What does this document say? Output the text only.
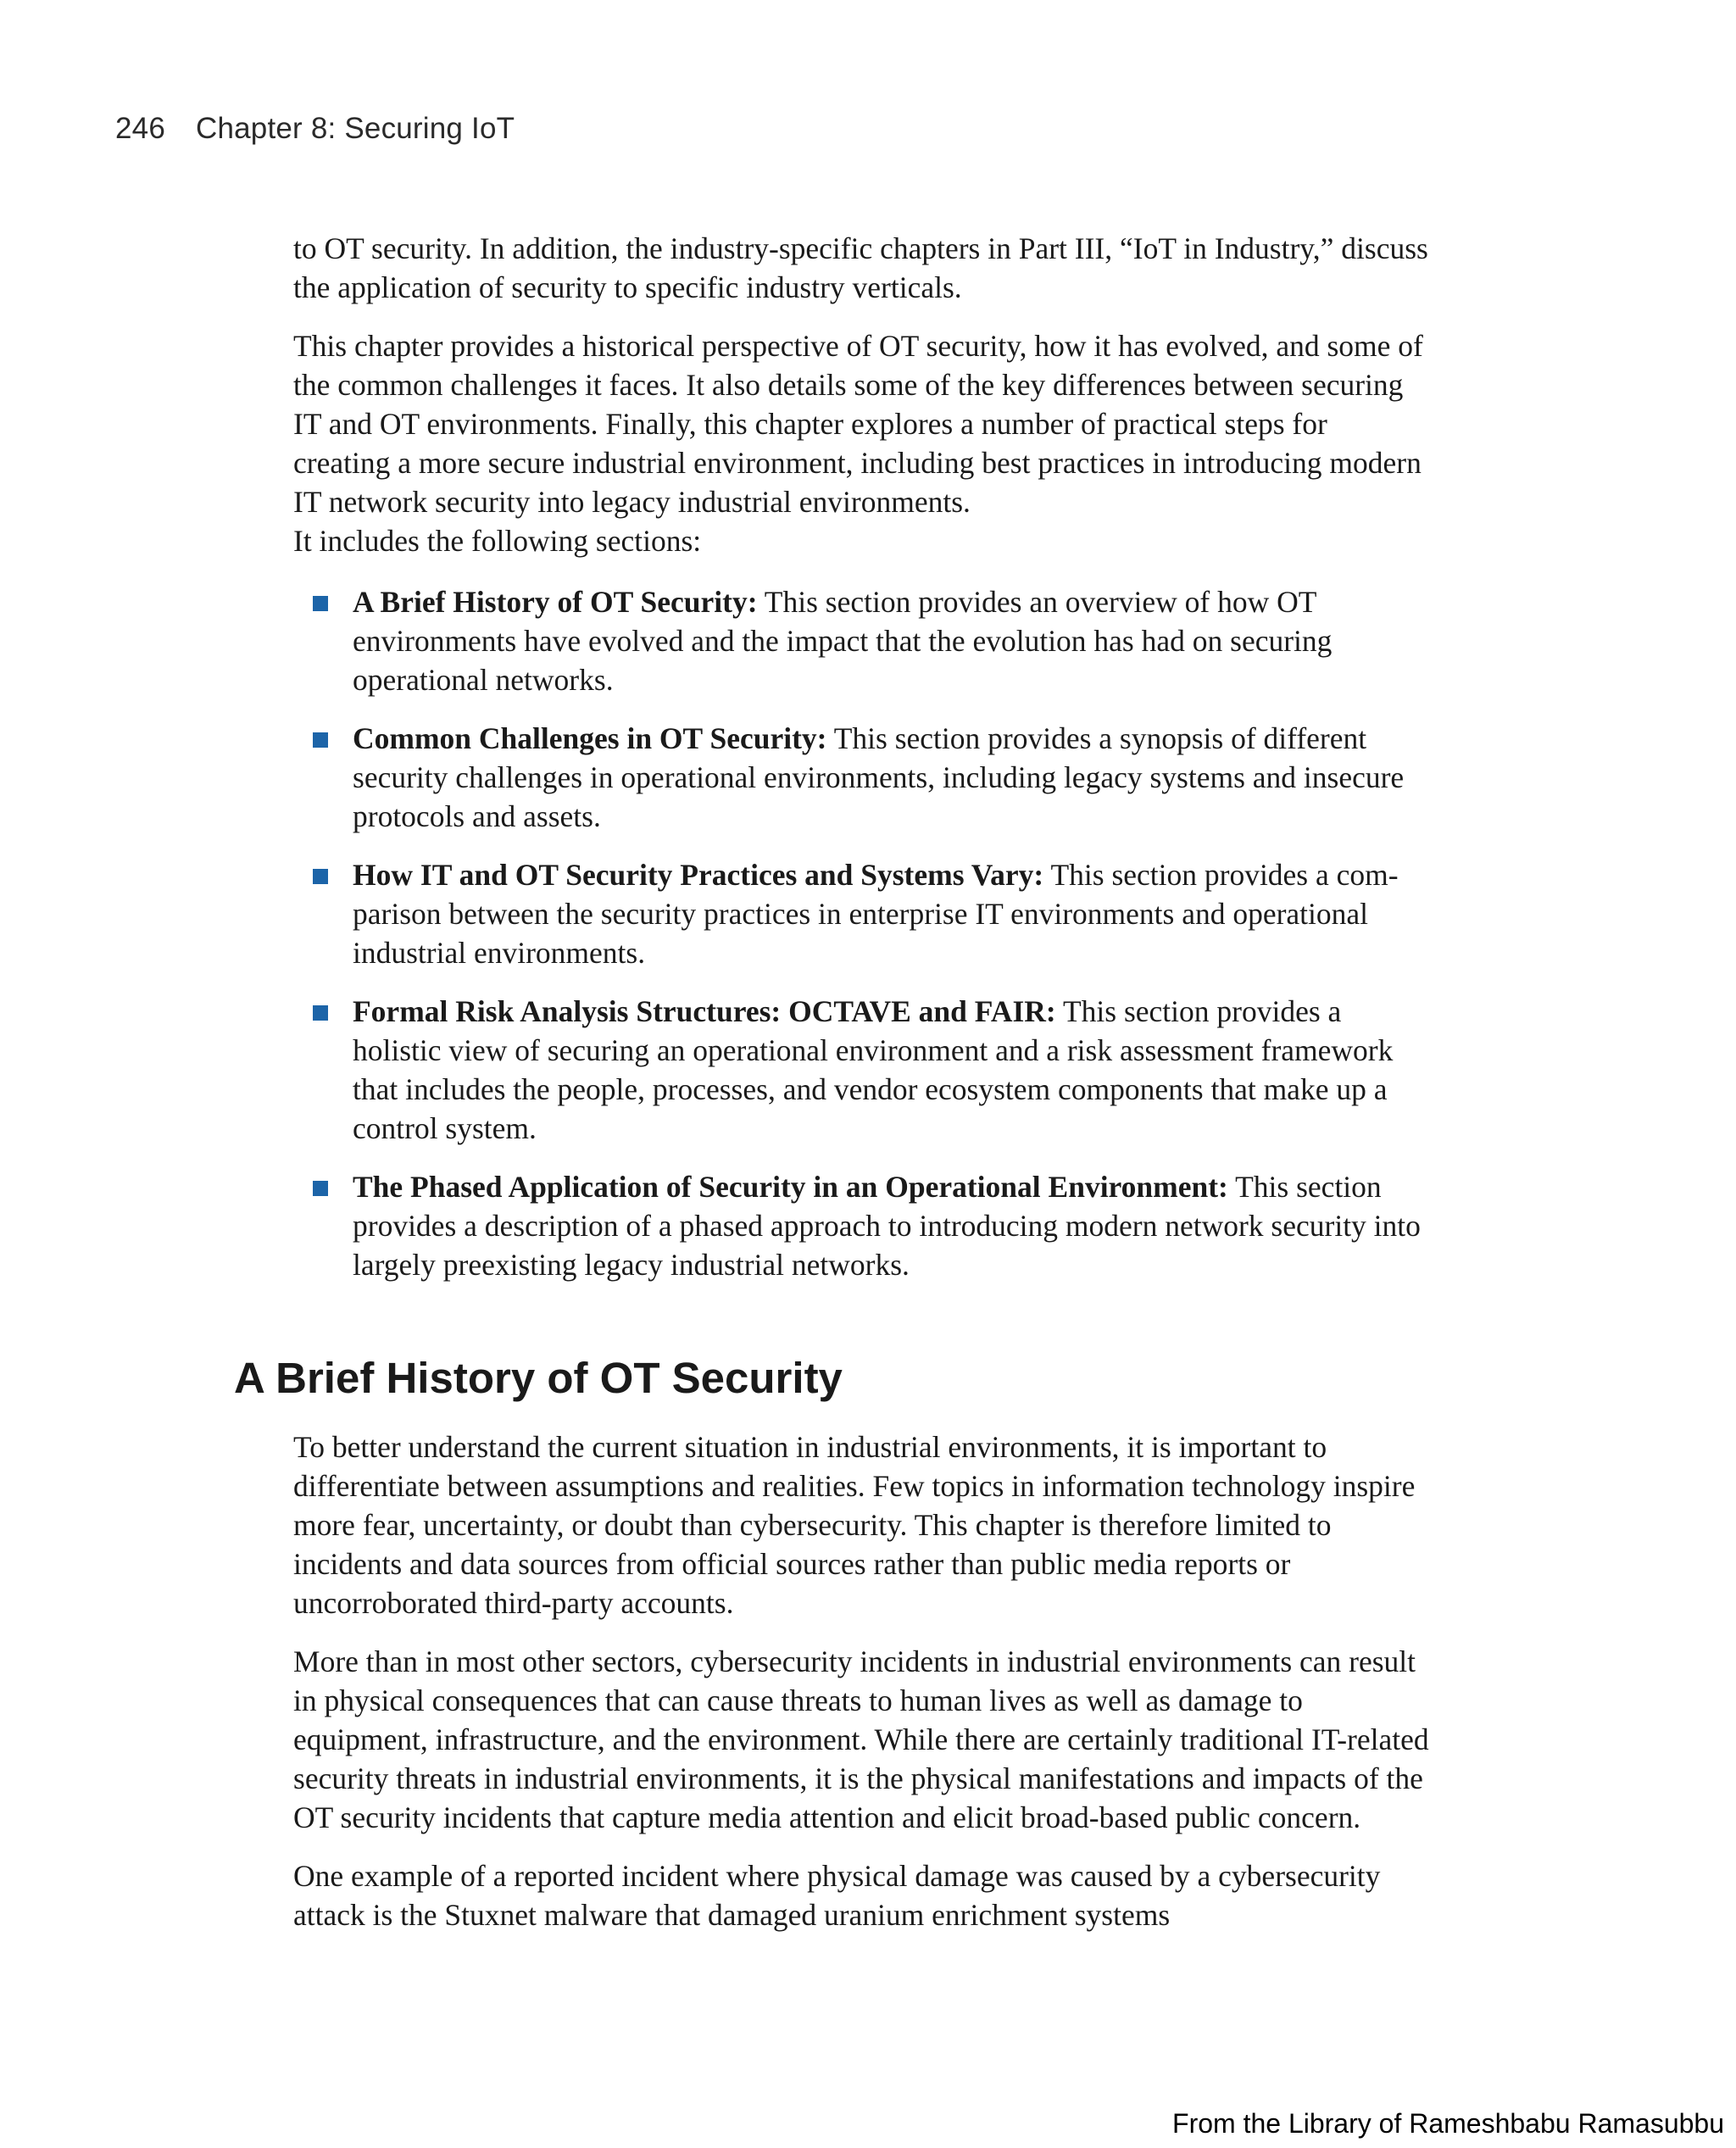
246 Chapter 8: Securing IoT

to OT security. In addition, the industry-specific chapters in Part III, “IoT in Industry,” discuss the application of security to specific industry verticals.

This chapter provides a historical perspective of OT security, how it has evolved, and some of the common challenges it faces. It also details some of the key differences between securing IT and OT environments. Finally, this chapter explores a number of practical steps for creating a more secure industrial environment, including best practices in introducing modern IT network security into legacy industrial environments.

It includes the following sections:

A Brief History of OT Security: This section provides an overview of how OT environments have evolved and the impact that the evolution has had on securing operational networks.
Common Challenges in OT Security: This section provides a synopsis of different security challenges in operational environments, including legacy systems and insecure protocols and assets.
How IT and OT Security Practices and Systems Vary: This section provides a com-parison between the security practices in enterprise IT environments and operational industrial environments.
Formal Risk Analysis Structures: OCTAVE and FAIR: This section provides a holistic view of securing an operational environment and a risk assessment framework that includes the people, processes, and vendor ecosystem components that make up a control system.
The Phased Application of Security in an Operational Environment: This section provides a description of a phased approach to introducing modern network security into largely preexisting legacy industrial networks.
A Brief History of OT Security

To better understand the current situation in industrial environments, it is important to differentiate between assumptions and realities. Few topics in information technology inspire more fear, uncertainty, or doubt than cybersecurity. This chapter is therefore limited to incidents and data sources from official sources rather than public media reports or uncorroborated third-party accounts.

More than in most other sectors, cybersecurity incidents in industrial environments can result in physical consequences that can cause threats to human lives as well as damage to equipment, infrastructure, and the environment. While there are certainly traditional IT-related security threats in industrial environments, it is the physical manifestations and impacts of the OT security incidents that capture media attention and elicit broad-based public concern.

One example of a reported incident where physical damage was caused by a cybersecurity attack is the Stuxnet malware that damaged uranium enrichment systems

From the Library of Rameshbabu Ramasubbu
